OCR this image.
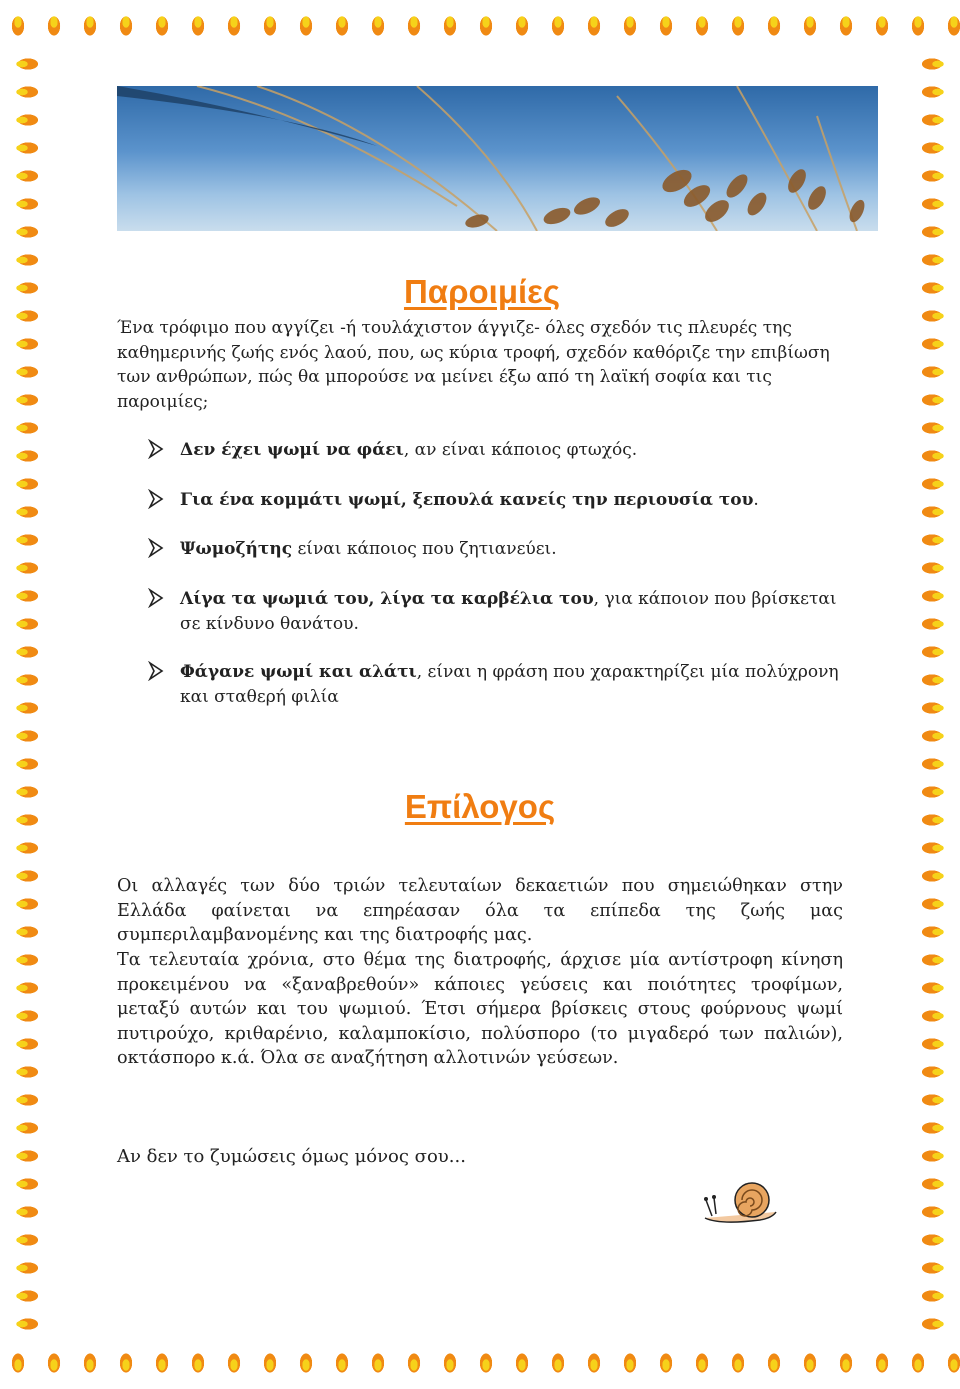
Παροιμίες
Ένα τρόφιμο που αγγίζει -ή τουλάχιστον άγγιζε- όλες σχεδόν τις πλευρές της καθημερινής ζωής ενός λαού, που, ως κύρια τροφή, σχεδόν καθόριζε την επιβίωση των ανθρώπων, πώς θα μπορούσε να μείνει έξω από τη λαϊκή σοφία και τις παροιμίες;
Δεν έχει ψωμί να φάει, αν είναι κάποιος φτωχός.
Για ένα κομμάτι ψωμί, ξεπουλά κανείς την περιουσία του.
Ψωμοζήτης είναι κάποιος που ζητιανεύει.
Λίγα τα ψωμιά του, λίγα τα καρβέλια του, για κάποιον που βρίσκεται σε κίνδυνο θανάτου.
Φάγανε ψωμί και αλάτι, είναι η φράση που χαρακτηρίζει μία πολύχρονη και σταθερή φιλία
Επίλογος
Οι αλλαγές των δύο τριών τελευταίων δεκαετιών που σημειώθηκαν στην Ελλάδα φαίνεται να επηρέασαν όλα τα επίπεδα της ζωής μας συμπεριλαμβανομένης και της διατροφής μας.
Τα τελευταία χρόνια, στο θέμα της διατροφής, άρχισε μία αντίστροφη κίνηση προκειμένου να «ξαναβρεθούν» κάποιες γεύσεις και ποιότητες τροφίμων, μεταξύ αυτών και του ψωμιού. Έτσι σήμερα βρίσκεις στους φούρνους ψωμί πυτιρούχο, κριθαρένιο, καλαμποκίσιο, πολύσπορο (το μιγαδερό των παλιών), οκτάσπορο κ.ά. Όλα σε αναζήτηση αλλοτινών γεύσεων.
Αν δεν το ζυμώσεις όμως μόνος σου...
